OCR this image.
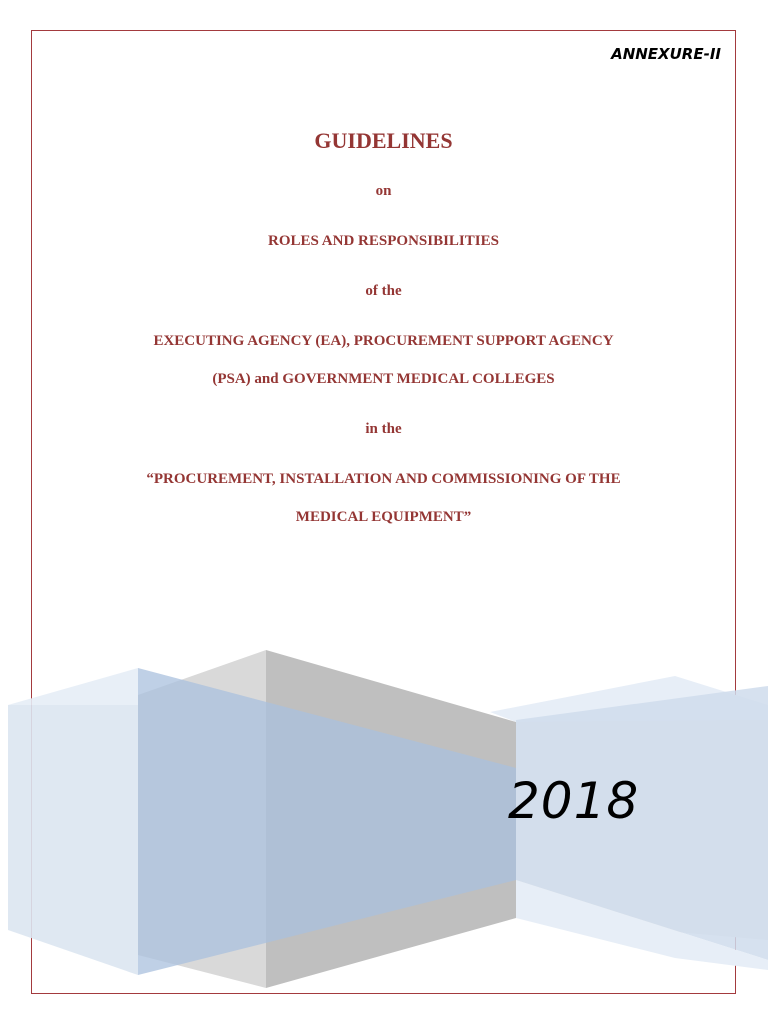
ANNEXURE-II
GUIDELINES
on
ROLES AND RESPONSIBILITIES
of the
EXECUTING AGENCY (EA), PROCUREMENT SUPPORT AGENCY
(PSA) and GOVERNMENT MEDICAL COLLEGES
in the
“PROCUREMENT, INSTALLATION AND COMMISSIONING OF THE
MEDICAL EQUIPMENT”
2018
